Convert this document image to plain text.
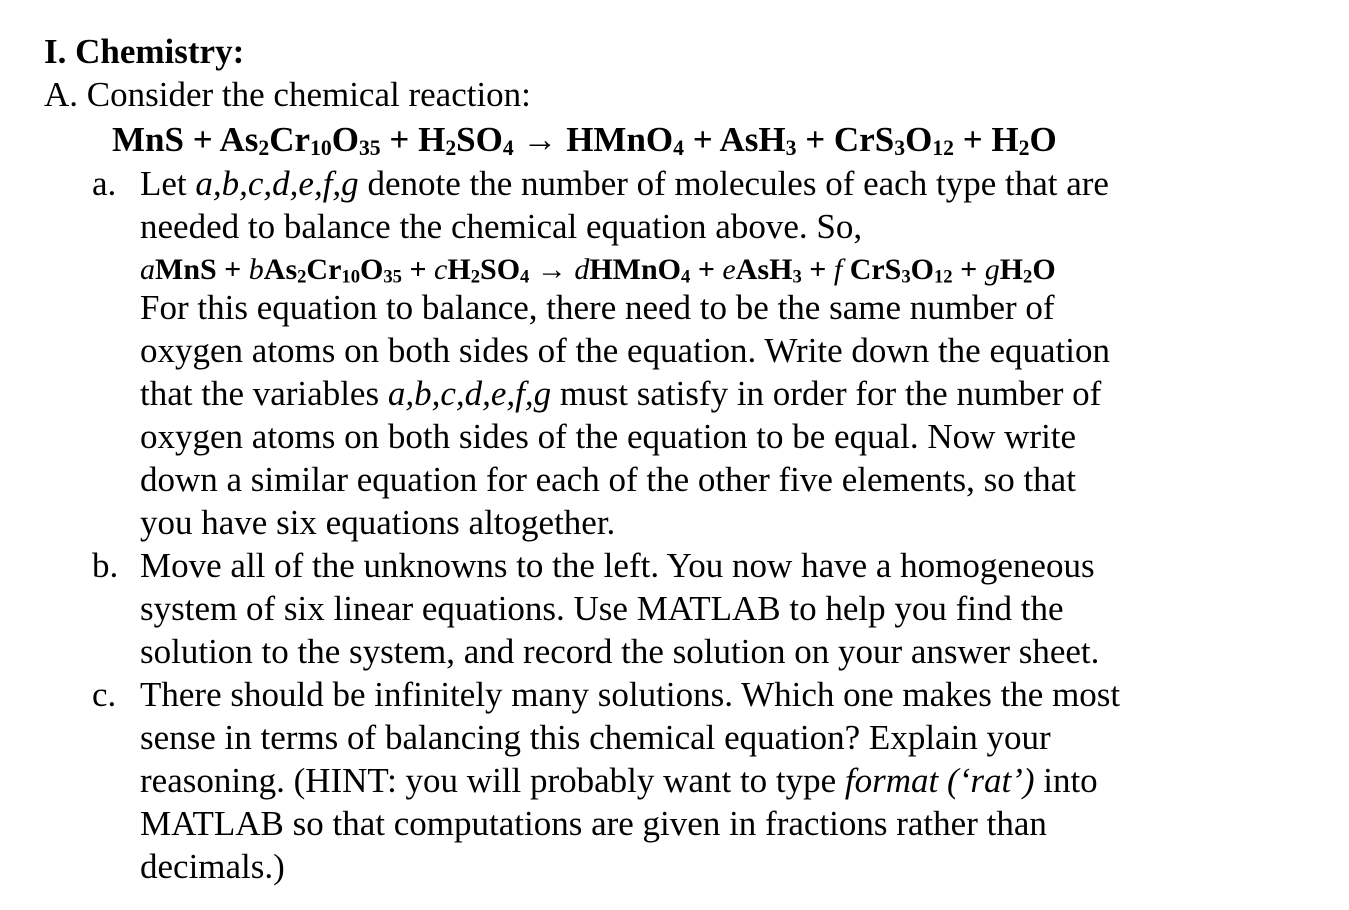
I. Chemistry:
A. Consider the chemical reaction:
MnS + $As_2Cr_{10}O_{35} + H_2SO_4$ → HMnO$_4$ + $AsH_3 + CrS_3O_{12} + H_2O$
a. Let a,b,c,d,e,f,g denote the number of molecules of each type that are
needed to balance the chemical equation above. So,
aMnS + $bAs_2Cr_{10}O_{35} + cH_2SO_4$ → dHMnO$_4$ + eAsH$_3$ + f $CrS_3O_{12} + gH_2O$
For this equation to balance, there need to be the same number of
oxygen atoms on both sides of the equation. Write down the equation
that the variables a,b,c,d,e,f,g must satisfy in order for the number of
oxygen atoms on both sides of the equation to be equal. Now write
down a similar equation for each of the other five elements, so that
you have six equations altogether.
b. Move all of the unknowns to the left. You now have a homogeneous
system of six linear equations. Use MATLAB to help you find the
solution to the system, and record the solution on your answer sheet.
c. There should be infinitely many solutions. Which one makes the most
sense in terms of balancing this chemical equation? Explain your
reasoning. (HINT: you will probably want to type format (‘rat’) into
MATLAB so that computations are given in fractions rather than
decimals.)
